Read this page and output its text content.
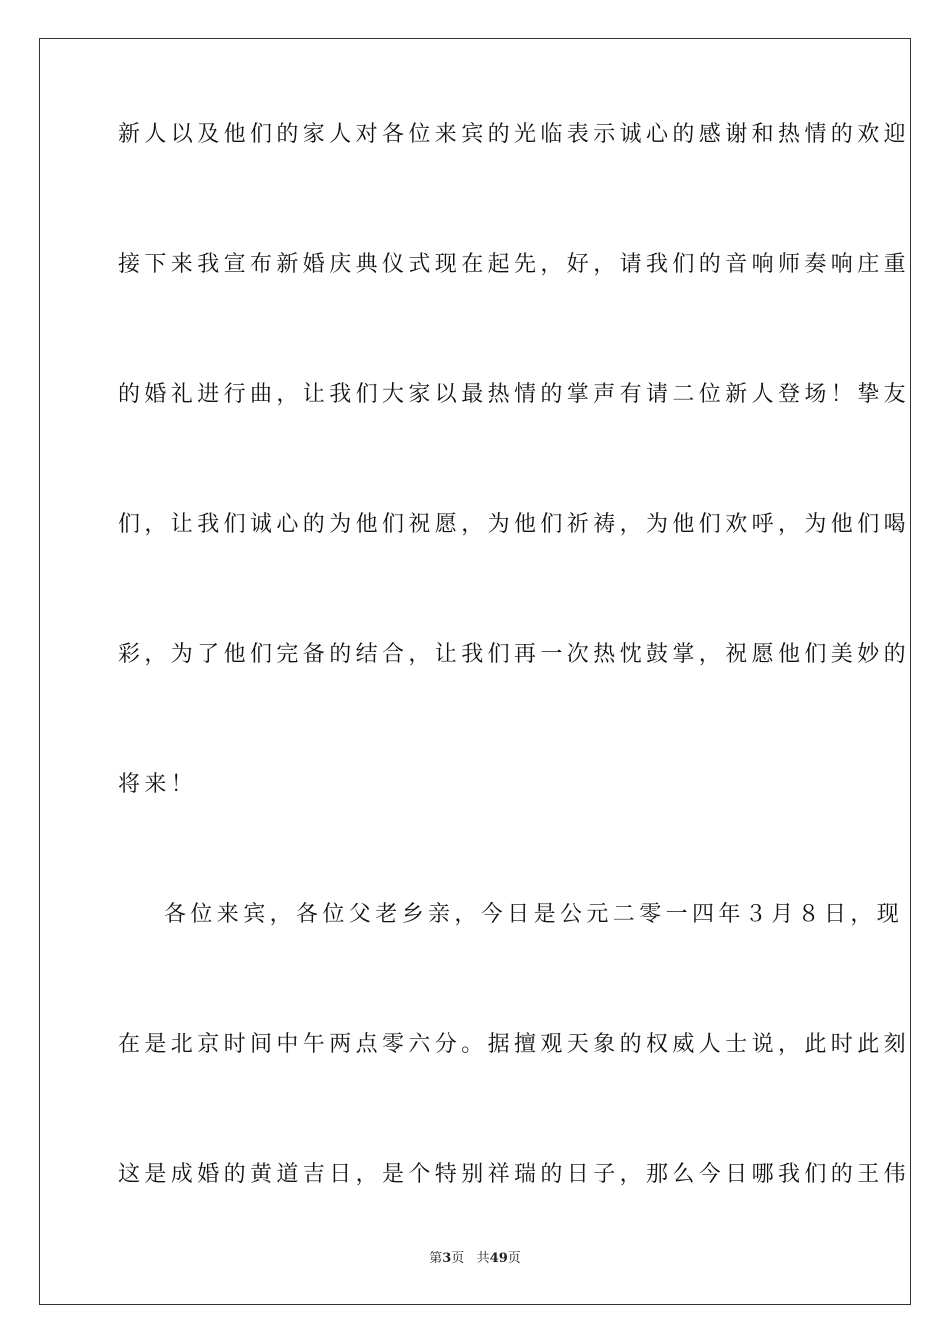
新人以及他们的家人对各位来宾的光临表示诚心的感谢和热情的欢迎
接下来我宣布新婚庆典仪式现在起先，好，请我们的音响师奏响庄重
的婚礼进行曲，让我们大家以最热情的掌声有请二位新人登场！挚友
们，让我们诚心的为他们祝愿，为他们祈祷，为他们欢呼，为他们喝
彩，为了他们完备的结合，让我们再一次热忱鼓掌，祝愿他们美妙的
将来！
各位来宾，各位父老乡亲，今日是公元二零一四年３月８日，现
在是北京时间中午两点零六分。据擅观天象的权威人士说，此时此刻
这是成婚的黄道吉日，是个特别祥瑞的日子，那么今日哪我们的王伟
第3页 共49页
